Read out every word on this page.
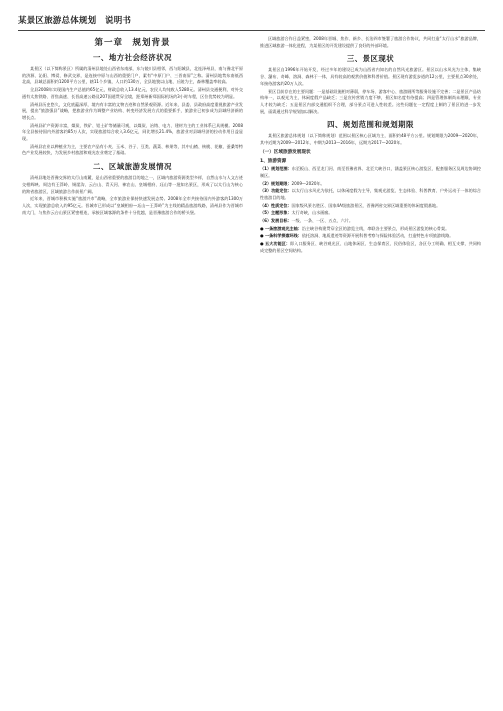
某景区旅游总体规划　说明书
第一章　规划背景
一、地方社会经济状况

某景区（以下简称景区）所属的清州县地处山西省东南部，东与陵川县相邻，西与阳城县，北连泽州县，南与豫北平原的济源、沁阳、博爱、修武交界，是连接中原与山西的重要门户，素有“中原门户、三晋南屏”之称。清州县地势东南低西北高，县域总面积约1200平方公里，辖11个乡镇，人口约130万，全县地貌以山地、丘陵为主，森林覆盖率较高。

全县2008年实现国内生产总值约65亿元，财政总收入13.4亿元，农民人均纯收入5280元。清州县交通便利，对外交通有太焦铁路、晋焦高速、长晋高速公路及207国道贯穿全境，距郑州新郑国际机场约3小时车程，区位优势较为明显。

清州县历史悠久，文化底蕴深厚，境内有丰富的文物古迹和自然景观资源。近年来，县委、县政府高度重视旅游产业发展，提出“旅游强县”战略，把旅游业作为调整产业结构、转变经济发展方式的重要抓手，旅游业已初步成为县域经济新的增长点。

清州县矿产资源丰富，煤炭、铁矿、铝土矿等储量可观，以煤炭、冶铸、电力、建材为主的工业体系已具规模。2008年全县接待国内外游客约85万人次，实现旅游综合收入3.6亿元，同比增长21.4%，旅游业对县域经济的拉动作用日益显现。

清州县农业以种植业为主，主要农产品有小麦、玉米、谷子、豆类、蔬菜、林果等，其中山楂、核桃、花椒、蚕桑等特色产业发展较快，为发展乡村旅游和观光农业奠定了基础。

二、区域旅游发展情况

清州县地处晋豫交界的太行山南麓，是山西省重要的旅游目的地之一，区域内旅游资源类型多样，自然山水与人文古迹交相辉映。周边有王莽岭、锡崖沟、云台山、青天河、神农山、皇城相府、珏山等一批知名景区，形成了以太行山为核心的跨省旅游区，区域旅游合作前景广阔。

近年来，晋城市积极实施“旅游兴市”战略，全市旅游业保持快速发展态势。2008年全市共接待国内外游客约1300万人次，实现旅游总收入约95亿元。晋城市已形成以“皇城相府—珏山—王莽岭”为主线的精品旅游线路，清州县作为晋城市南大门，与焦作云台山景区紧密相连，承接区域客源的条件十分优越，是晋豫旅游合作的桥头堡。

区域旅游合作日益紧密，2008年晋城、焦作、新乡、长治四市签署了旅游合作协议，共同打造“太行山水”旅游品牌，推进区域旅游一体化进程，为某景区的开发建设提供了良好的外部环境。

三、景区现状

某景区自1996年开始开发，经过多年的建设已成为山西省内知名的自然风光旅游区。景区以山水风光为主体，集峡谷、瀑布、奇峰、溶洞、森林于一体，具有较高的观赏价值和科普价值。景区现有游览步道约12公里，主要景点30余处，年接待游客约20万人次。

景区目前存在的主要问题：一是基础设施相对薄弱，停车场、游客中心、旅游厕所等服务设施不完善；二是景区产品结构单一，以观光为主，休闲度假产品缺乏；三是宣传营销力度不够，景区知名度有待提高；四是管理体制尚未理顺，专业人才较为缺乏；五是景区内部交通组织不合理，部分景点可进入性较差。这些问题在一定程度上制约了景区的进一步发展，亟需通过科学规划加以解决。

四、规划范围和规划期限

某景区旅游总体规划（以下简称规划）范围以景区核心区域为主，面积约48平方公里。规划期限为2009—2020年，其中近期为2009—2012年，中期为2013—2016年，远期为2017—2020年。

（一）区域旅游发展现状
1、旅游资源
（1）规划范围：东至板山、西至龙门河、南至晋豫省界、北至大峡谷口，涵盖景区核心游览区、配套服务区及周边协调控制区。
（2）规划期限：2009—2020年。
（3）功能定位：以太行山水风光为依托，以休闲度假为主导，集观光游览、生态体验、科普教育、户外运动于一体的综合性旅游目的地。
（4）性质定位：国家级风景名胜区、国家4A级旅游景区，晋豫两省交界区域重要的休闲度假基地。
（5）主题形象：太行奇峡，山水画廊。
（6）发展目标：一级、一条、一区、五点、六片。
● 一条旅游观光主轴：沿主峡谷构建贯穿全区的游览主线，串联各主要景点，形成景区游览的核心骨架。
● 一条科学探索环线：依托溶洞、地质遗迹等资源开展科普考察与探险体验活动，打造特色专项旅游线路。
● 五大功能区：即入口服务区、峡谷观光区、山地休闲区、生态保育区、民俗体验区，各区分工明确、相互支撑，共同构成完整的景区空间结构。
